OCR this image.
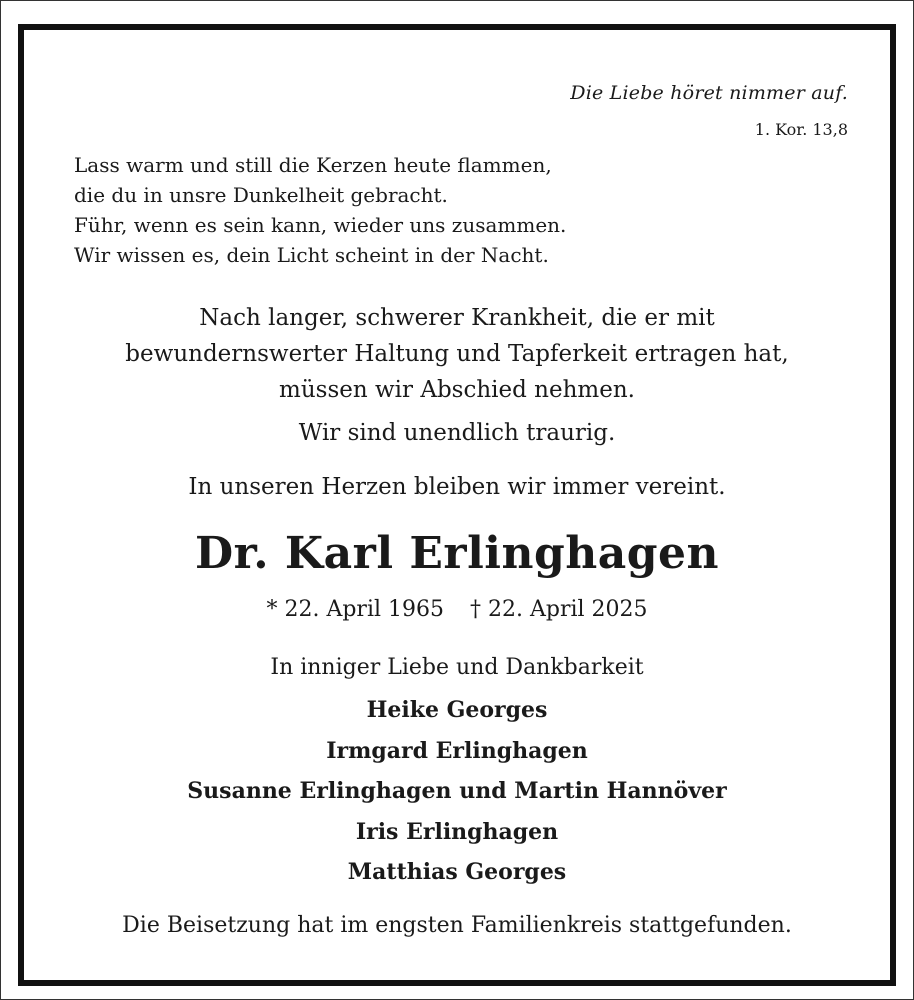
Die Liebe höret nimmer auf.
1. Kor. 13,8
Lass warm und still die Kerzen heute flammen,
die du in unsre Dunkelheit gebracht.
Führ, wenn es sein kann, wieder uns zusammen.
Wir wissen es, dein Licht scheint in der Nacht.
Nach langer, schwerer Krankheit, die er mit
bewundernswerter Haltung und Tapferkeit ertragen hat,
müssen wir Abschied nehmen.
Wir sind unendlich traurig.
In unseren Herzen bleiben wir immer vereint.
Dr. Karl Erlinghagen
* 22. April 1965 † 22. April 2025
In inniger Liebe und Dankbarkeit
Heike Georges
Irmgard Erlinghagen
Susanne Erlinghagen und Martin Hannöver
Iris Erlinghagen
Matthias Georges
Die Beisetzung hat im engsten Familienkreis stattgefunden.
